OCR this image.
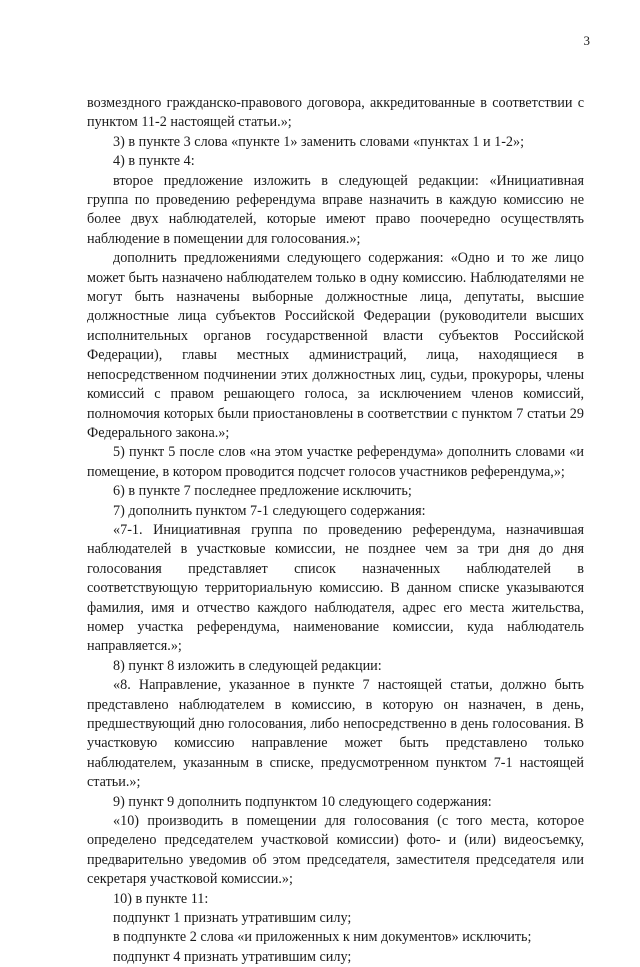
3

возмездного гражданско-правового договора, аккредитованные в соответствии с пунктом 11-2 настоящей статьи.»;

3) в пункте 3 слова «пункте 1» заменить словами «пунктах 1 и 1-2»;

4) в пункте 4:

второе предложение изложить в следующей редакции: «Инициативная группа по проведению референдума вправе назначить в каждую комиссию не более двух наблюдателей, которые имеют право поочередно осуществлять наблюдение в помещении для голосования.»;

дополнить предложениями следующего содержания: «Одно и то же лицо может быть назначено наблюдателем только в одну комиссию. Наблюдателями не могут быть назначены выборные должностные лица, депутаты, высшие должностные лица субъектов Российской Федерации (руководители высших исполнительных органов государственной власти субъектов Российской Федерации), главы местных администраций, лица, находящиеся в непосредственном подчинении этих должностных лиц, судьи, прокуроры, члены комиссий с правом решающего голоса, за исключением членов комиссий, полномочия которых были приостановлены в соответствии с пунктом 7 статьи 29 Федерального закона.»;

5) пункт 5 после слов «на этом участке референдума» дополнить словами «и помещение, в котором проводится подсчет голосов участников референдума,»;

6) в пункте 7 последнее предложение исключить;

7) дополнить пунктом 7-1 следующего содержания:

«7-1. Инициативная группа по проведению референдума, назначившая наблюдателей в участковые комиссии, не позднее чем за три дня до дня голосования представляет список назначенных наблюдателей в соответствующую территориальную комиссию. В данном списке указываются фамилия, имя и отчество каждого наблюдателя, адрес его места жительства, номер участка референдума, наименование комиссии, куда наблюдатель направляется.»;

8) пункт 8 изложить в следующей редакции:

«8. Направление, указанное в пункте 7 настоящей статьи, должно быть представлено наблюдателем в комиссию, в которую он назначен, в день, предшествующий дню голосования, либо непосредственно в день голосования. В участковую комиссию направление может быть представлено только наблюдателем, указанным в списке, предусмотренном пунктом 7-1 настоящей статьи.»;

9) пункт 9 дополнить подпунктом 10 следующего содержания:

«10) производить в помещении для голосования (с того места, которое определено председателем участковой комиссии) фото- и (или) видеосъемку, предварительно уведомив об этом председателя, заместителя председателя или секретаря участковой комиссии.»;

10) в пункте 11:

подпункт 1 признать утратившим силу;

в подпункте 2 слова «и приложенных к ним документов» исключить;

подпункт 4 признать утратившим силу;
